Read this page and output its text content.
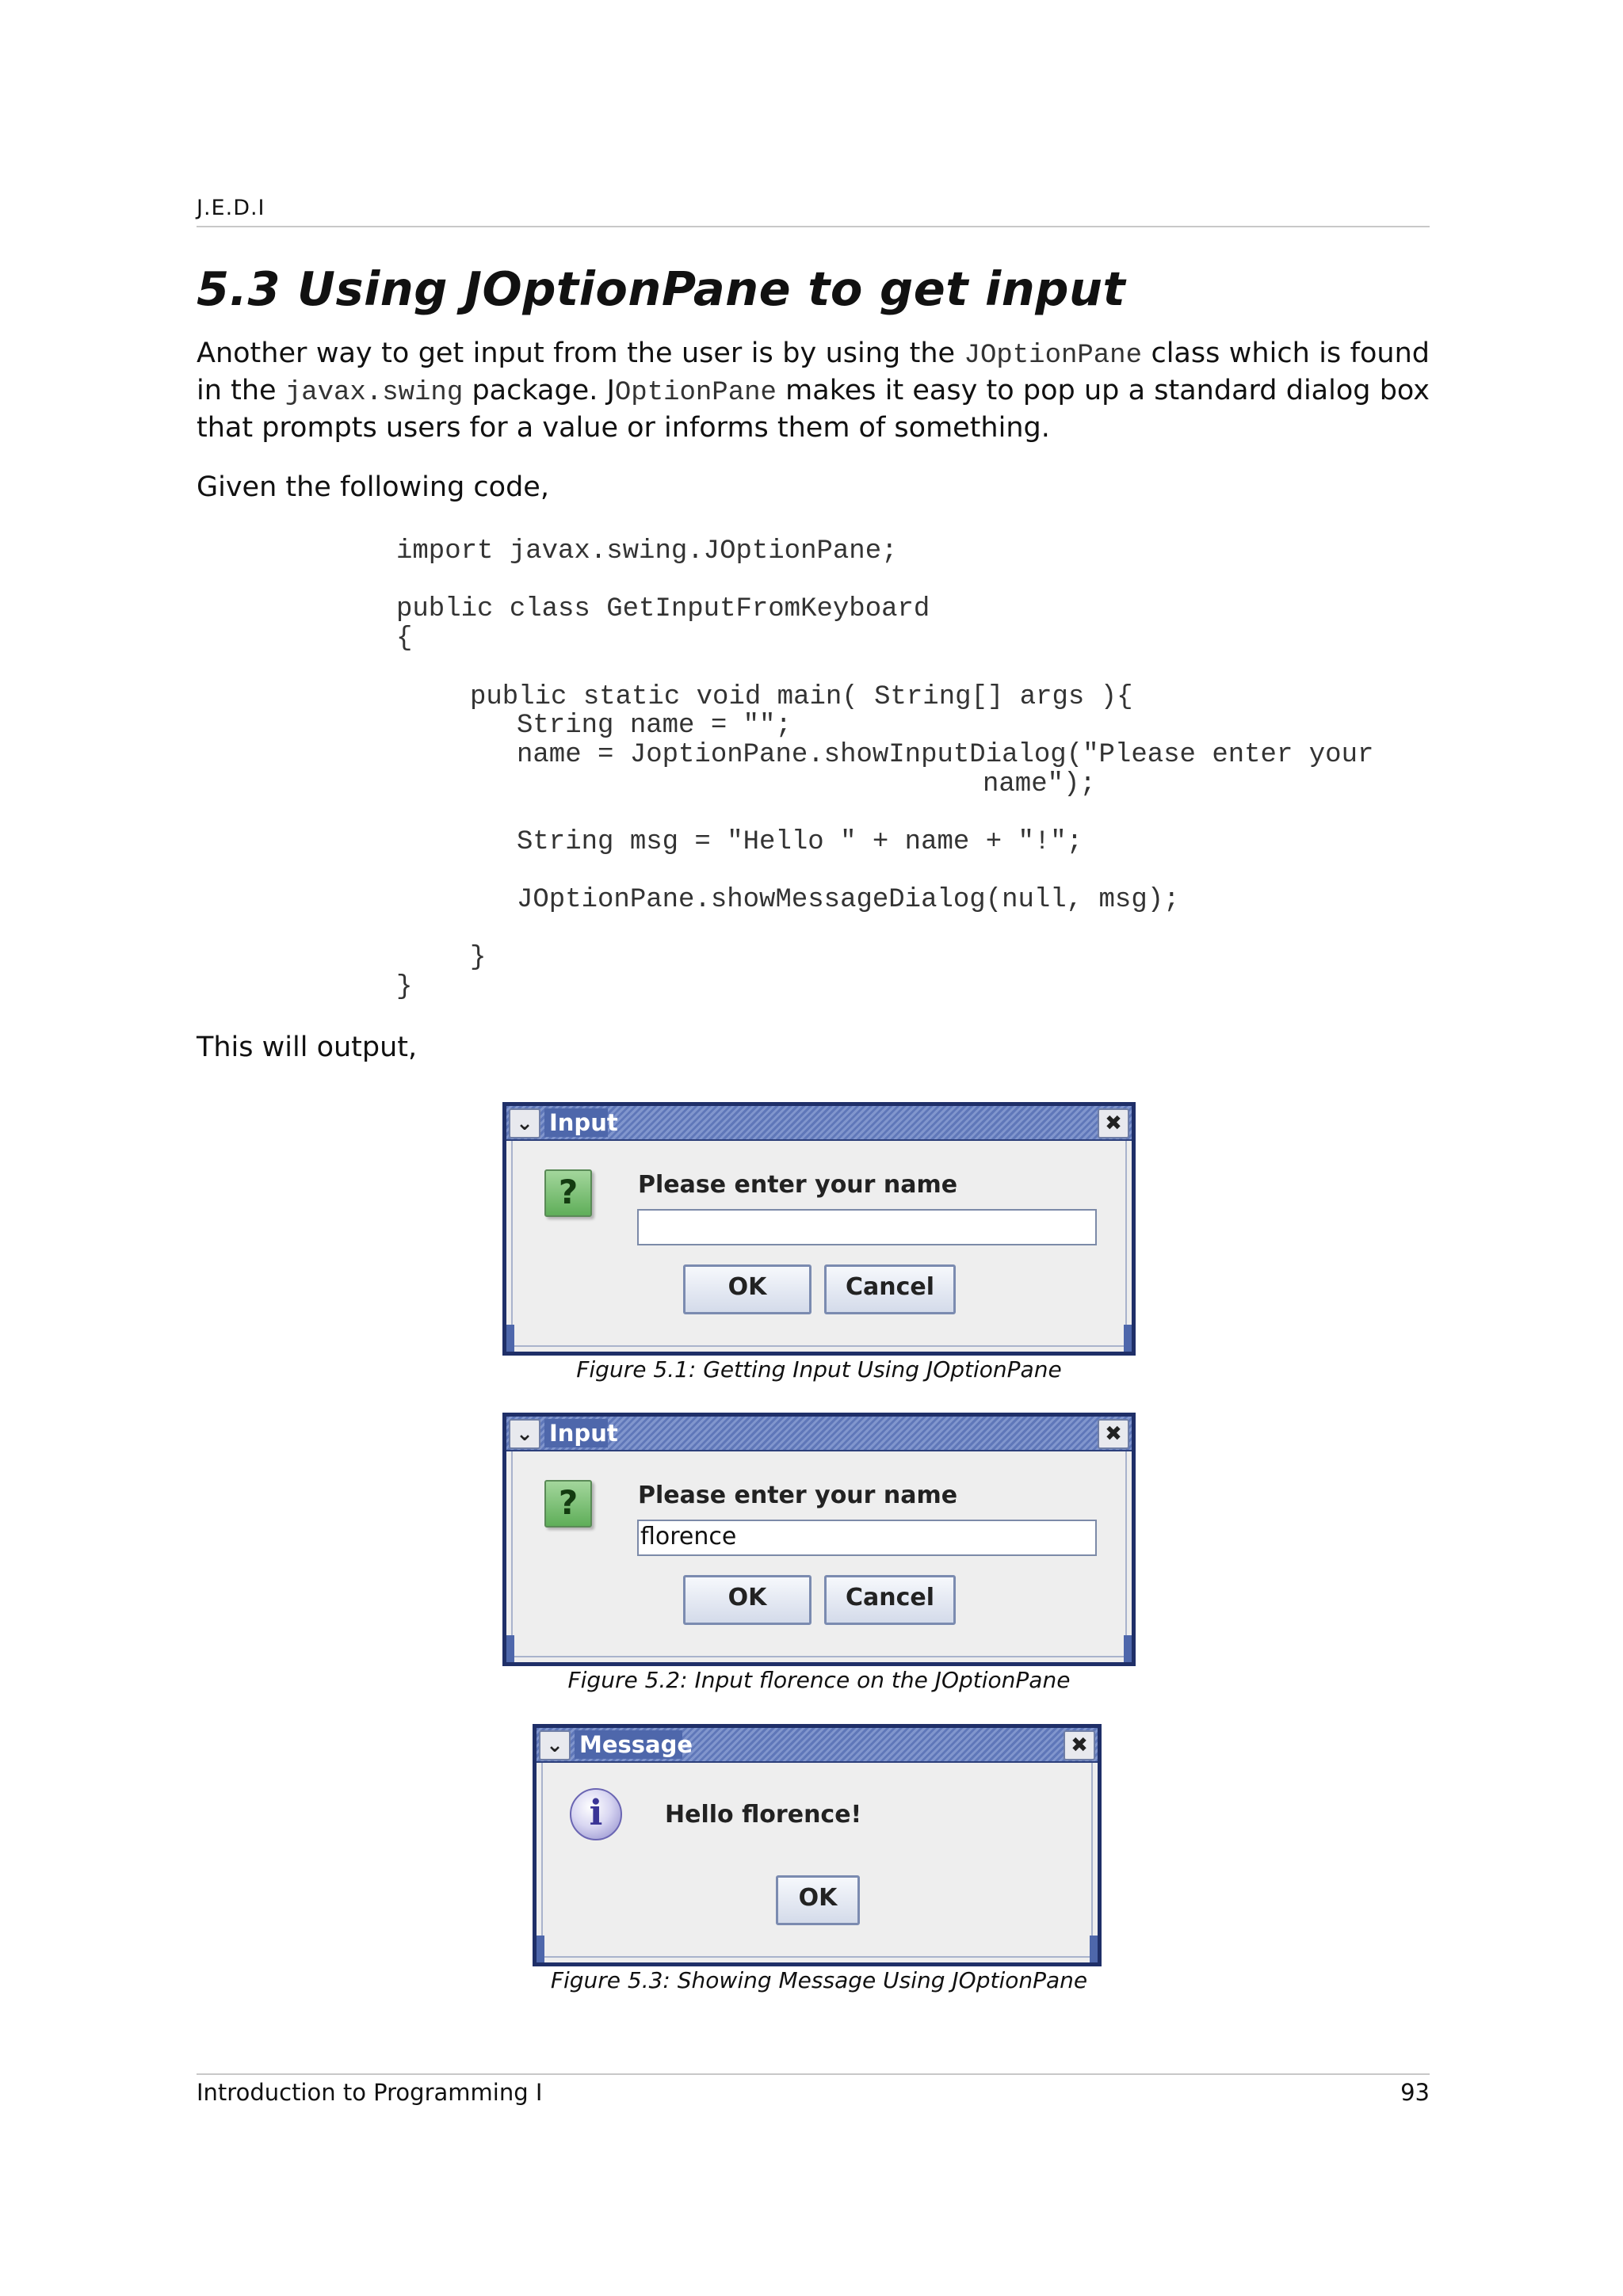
J.E.D.I
5.3 Using JOptionPane to get input
Another way to get input from the user is by using the JOptionPane class which is found in the javax.swing package. JOptionPane makes it easy to pop up a standard dialog box that prompts users for a value or informs them of something.
Given the following code,
import javax.swing.JOptionPane;
public class GetInputFromKeyboard
{
public static void main( String[] args ){
String name = "";
name = JoptionPane.showInputDialog("Please enter your
name");
String msg = "Hello " + name + "!";
JOptionPane.showMessageDialog(null, msg);
}
}
This will output,
⌄ Input	✖
?	Please enter your name
OK	Cancel
Figure 5.1: Getting Input Using JOptionPane
⌄ Input	✖
?	Please enter your name
florence
OK	Cancel
Figure 5.2: Input florence on the JOptionPane
⌄ Message	✖
i	Hello florence!
OK
Figure 5.3: Showing Message Using JOptionPane
Introduction to Programming I	93
